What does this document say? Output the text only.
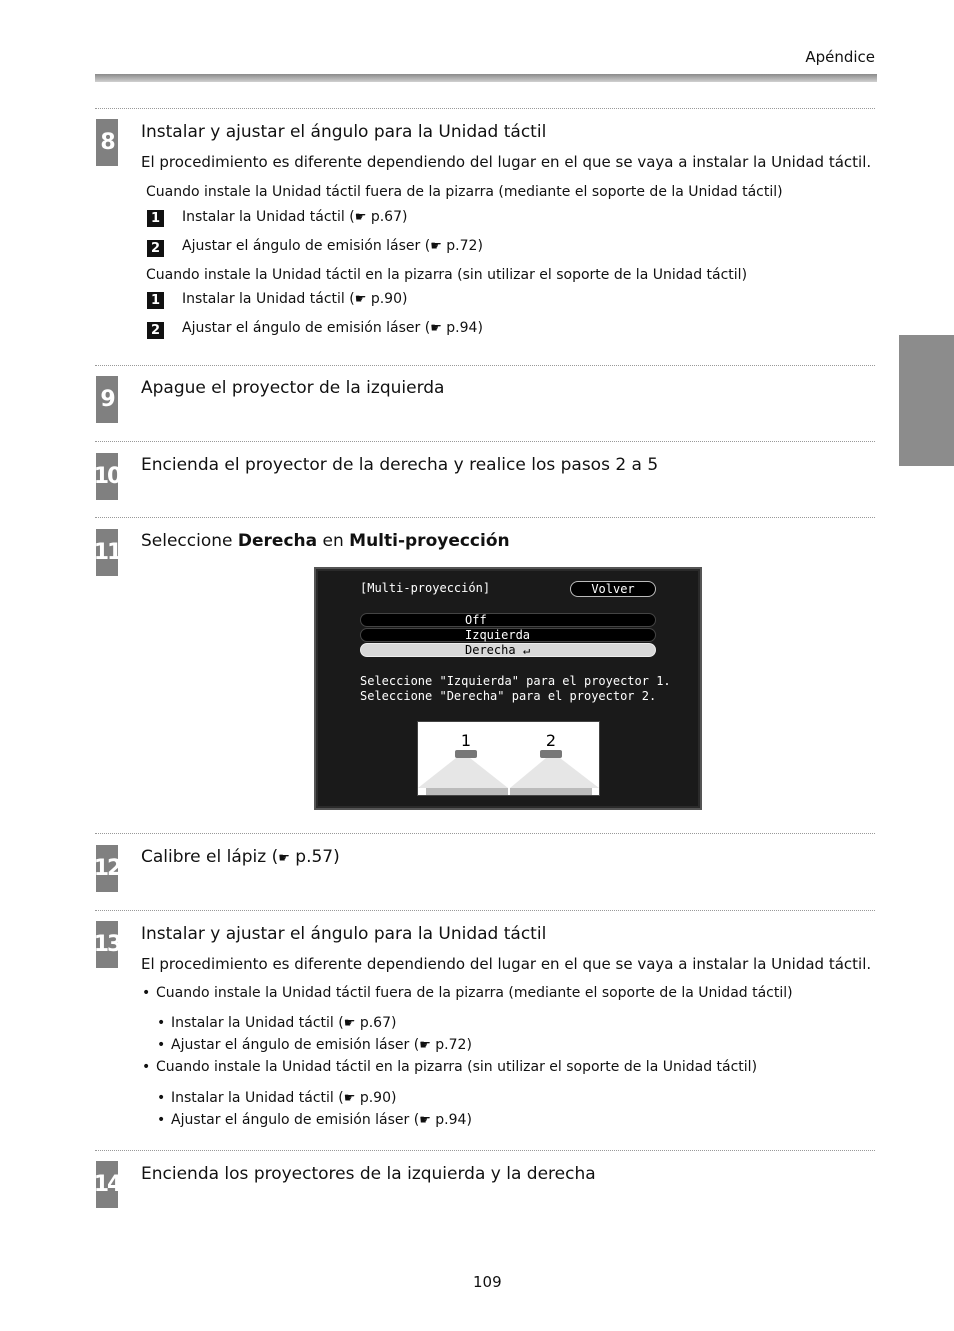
Apéndice
8 Instalar y ajustar el ángulo para la Unidad táctil
El procedimiento es diferente dependiendo del lugar en el que se vaya a instalar la Unidad táctil.
Cuando instale la Unidad táctil fuera de la pizarra (mediante el soporte de la Unidad táctil)
1 Instalar la Unidad táctil (☛ p.67)
2 Ajustar el ángulo de emisión láser (☛ p.72)
Cuando instale la Unidad táctil en la pizarra (sin utilizar el soporte de la Unidad táctil)
1 Instalar la Unidad táctil (☛ p.90)
2 Ajustar el ángulo de emisión láser (☛ p.94)
9 Apague el proyector de la izquierda
10 Encienda el proyector de la derecha y realice los pasos 2 a 5
11 Seleccione Derecha en Multi-proyección
[Multi-proyección]	Volver
Off
Izquierda
Derecha ↵
Seleccione "Izquierda" para el proyector 1.
Seleccione "Derecha" para el proyector 2.
1	2
12 Calibre el lápiz (☛ p.57)
13 Instalar y ajustar el ángulo para la Unidad táctil
El procedimiento es diferente dependiendo del lugar en el que se vaya a instalar la Unidad táctil.
• Cuando instale la Unidad táctil fuera de la pizarra (mediante el soporte de la Unidad táctil)
• Instalar la Unidad táctil (☛ p.67)
• Ajustar el ángulo de emisión láser (☛ p.72)
• Cuando instale la Unidad táctil en la pizarra (sin utilizar el soporte de la Unidad táctil)
• Instalar la Unidad táctil (☛ p.90)
• Ajustar el ángulo de emisión láser (☛ p.94)
14 Encienda los proyectores de la izquierda y la derecha
109
